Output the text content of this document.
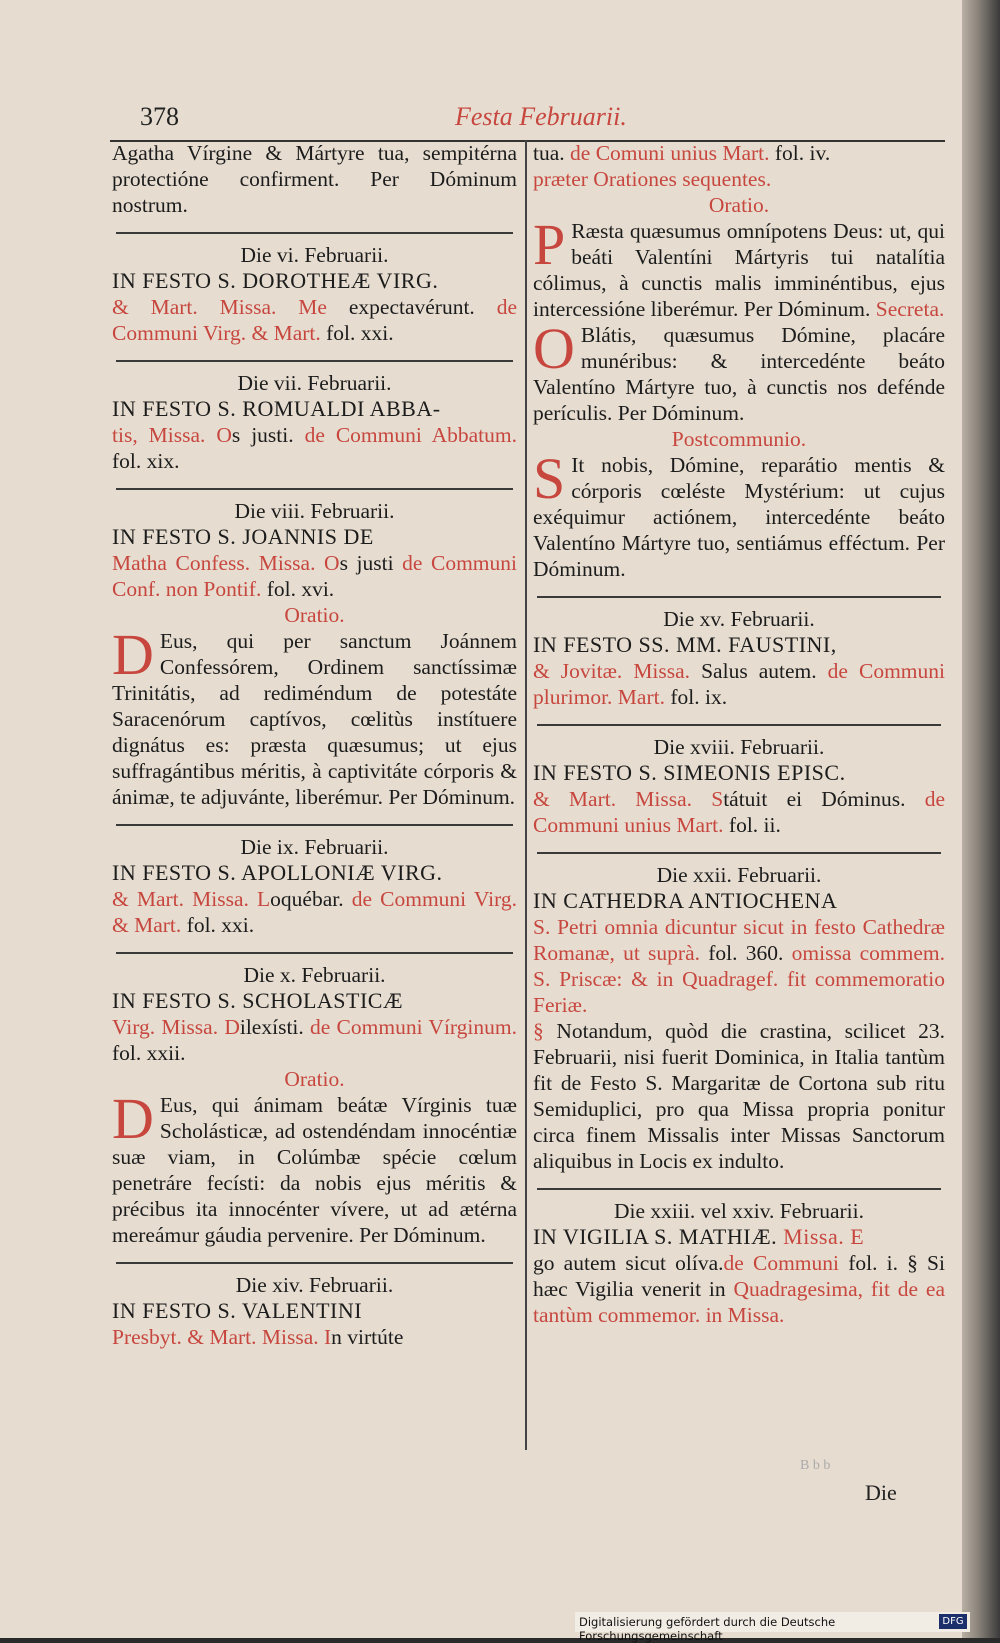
378	Festa Februarii.
Agatha Vírgine & Mártyre tua, sempitérna protectióne confirment. Per Dóminum nostrum.
Die vi. Februarii.
IN FESTO S. DOROTHEÆ VIRG.
& Mart. Missa. Me expectavérunt. de Communi Virg. & Mart. fol. xxi.
Die vii. Februarii.
IN FESTO S. ROMUALDI ABBA-
tis, Missa. Os justi. de Communi Abbatum. fol. xix.
Die viii. Februarii.
IN FESTO S. JOANNIS DE
Matha Confess. Missa. Os justi de Communi Conf. non Pontif. fol. xvi.
Oratio.
D Eus, qui per sanctum Joánnem Confessórem, Ordinem sanctíssimæ Trinitátis, ad rediméndum de potestáte Saracenórum captívos, cœlitùs instítuere dignátus es: præsta quæsumus; ut ejus suffragántibus méritis, à captivitáte córporis & ánimæ, te adjuvánte, liberémur. Per Dóminum.
Die ix. Februarii.
IN FESTO S. APOLLONIÆ VIRG.
& Mart. Missa. Loquébar. de Communi Virg. & Mart. fol. xxi.
Die x. Februarii.
IN FESTO S. SCHOLASTICÆ
Virg. Missa. Dilexísti. de Communi Vírginum. fol. xxii.
Oratio.
D Eus, qui ánimam beátæ Vírginis tuæ Scholásticæ, ad ostendéndam innocéntiæ suæ viam, in Colúmbæ spécie cœlum penetráre fecísti: da nobis ejus méritis & précibus ita innocénter vívere, ut ad ætérna mereámur gáudia pervenire. Per Dóminum.
Die xiv. Februarii.
IN FESTO S. VALENTINI
Presbyt. & Mart. Missa. In virtúte
tua. de Comuni unius Mart. fol. iv.
præter Orationes sequentes.
Oratio.
P Ræsta quæsumus omnípotens Deus: ut, qui beáti Valentíni Mártyris tui natalítia cólimus, à cunctis malis imminéntibus, ejus intercessióne liberémur. Per Dóminum. Secreta.
O Blátis, quæsumus Dómine, placáre munéribus: & intercedénte beáto Valentíno Mártyre tuo, à cunctis nos defénde perículis. Per Dóminum.
Postcommunio.
S It nobis, Dómine, reparátio mentis & córporis cœléste Mystérium: ut cujus exéquimur actiónem, intercedénte beáto Valentíno Mártyre tuo, sentiámus efféctum. Per Dóminum.
Die xv. Februarii.
IN FESTO SS. MM. FAUSTINI,
& Jovitæ. Missa. Salus autem. de Communi plurimor. Mart. fol. ix.
Die xviii. Februarii.
IN FESTO S. SIMEONIS EPISC.
& Mart. Missa. Státuit ei Dóminus. de Communi unius Mart. fol. ii.
Die xxii. Februarii.
IN CATHEDRA ANTIOCHENA
S. Petri omnia dicuntur sicut in festo Cathedræ Romanæ, ut suprà. fol. 360. omissa commem. S. Priscæ: & in Quadragef. fit commemoratio Feriæ.
§ Notandum, quòd die crastina, scilicet 23. Februarii, nisi fuerit Dominica, in Italia tantùm fit de Festo S. Margaritæ de Cortona sub ritu Semiduplici, pro qua Missa propria ponitur circa finem Missalis inter Missas Sanctorum aliquibus in Locis ex indulto.
Die xxiii. vel xxiv. Februarii.
IN VIGILIA S. MATHIÆ. Missa. E
go autem sicut olíva.de Communi fol. i. § Si hæc Vigilia venerit in Quadragesima, fit de ea tantùm commemor. in Missa.
B b b
Die
Digitalisierung gefördert durch die Deutsche Forschungsgemeinschaft
DFG
